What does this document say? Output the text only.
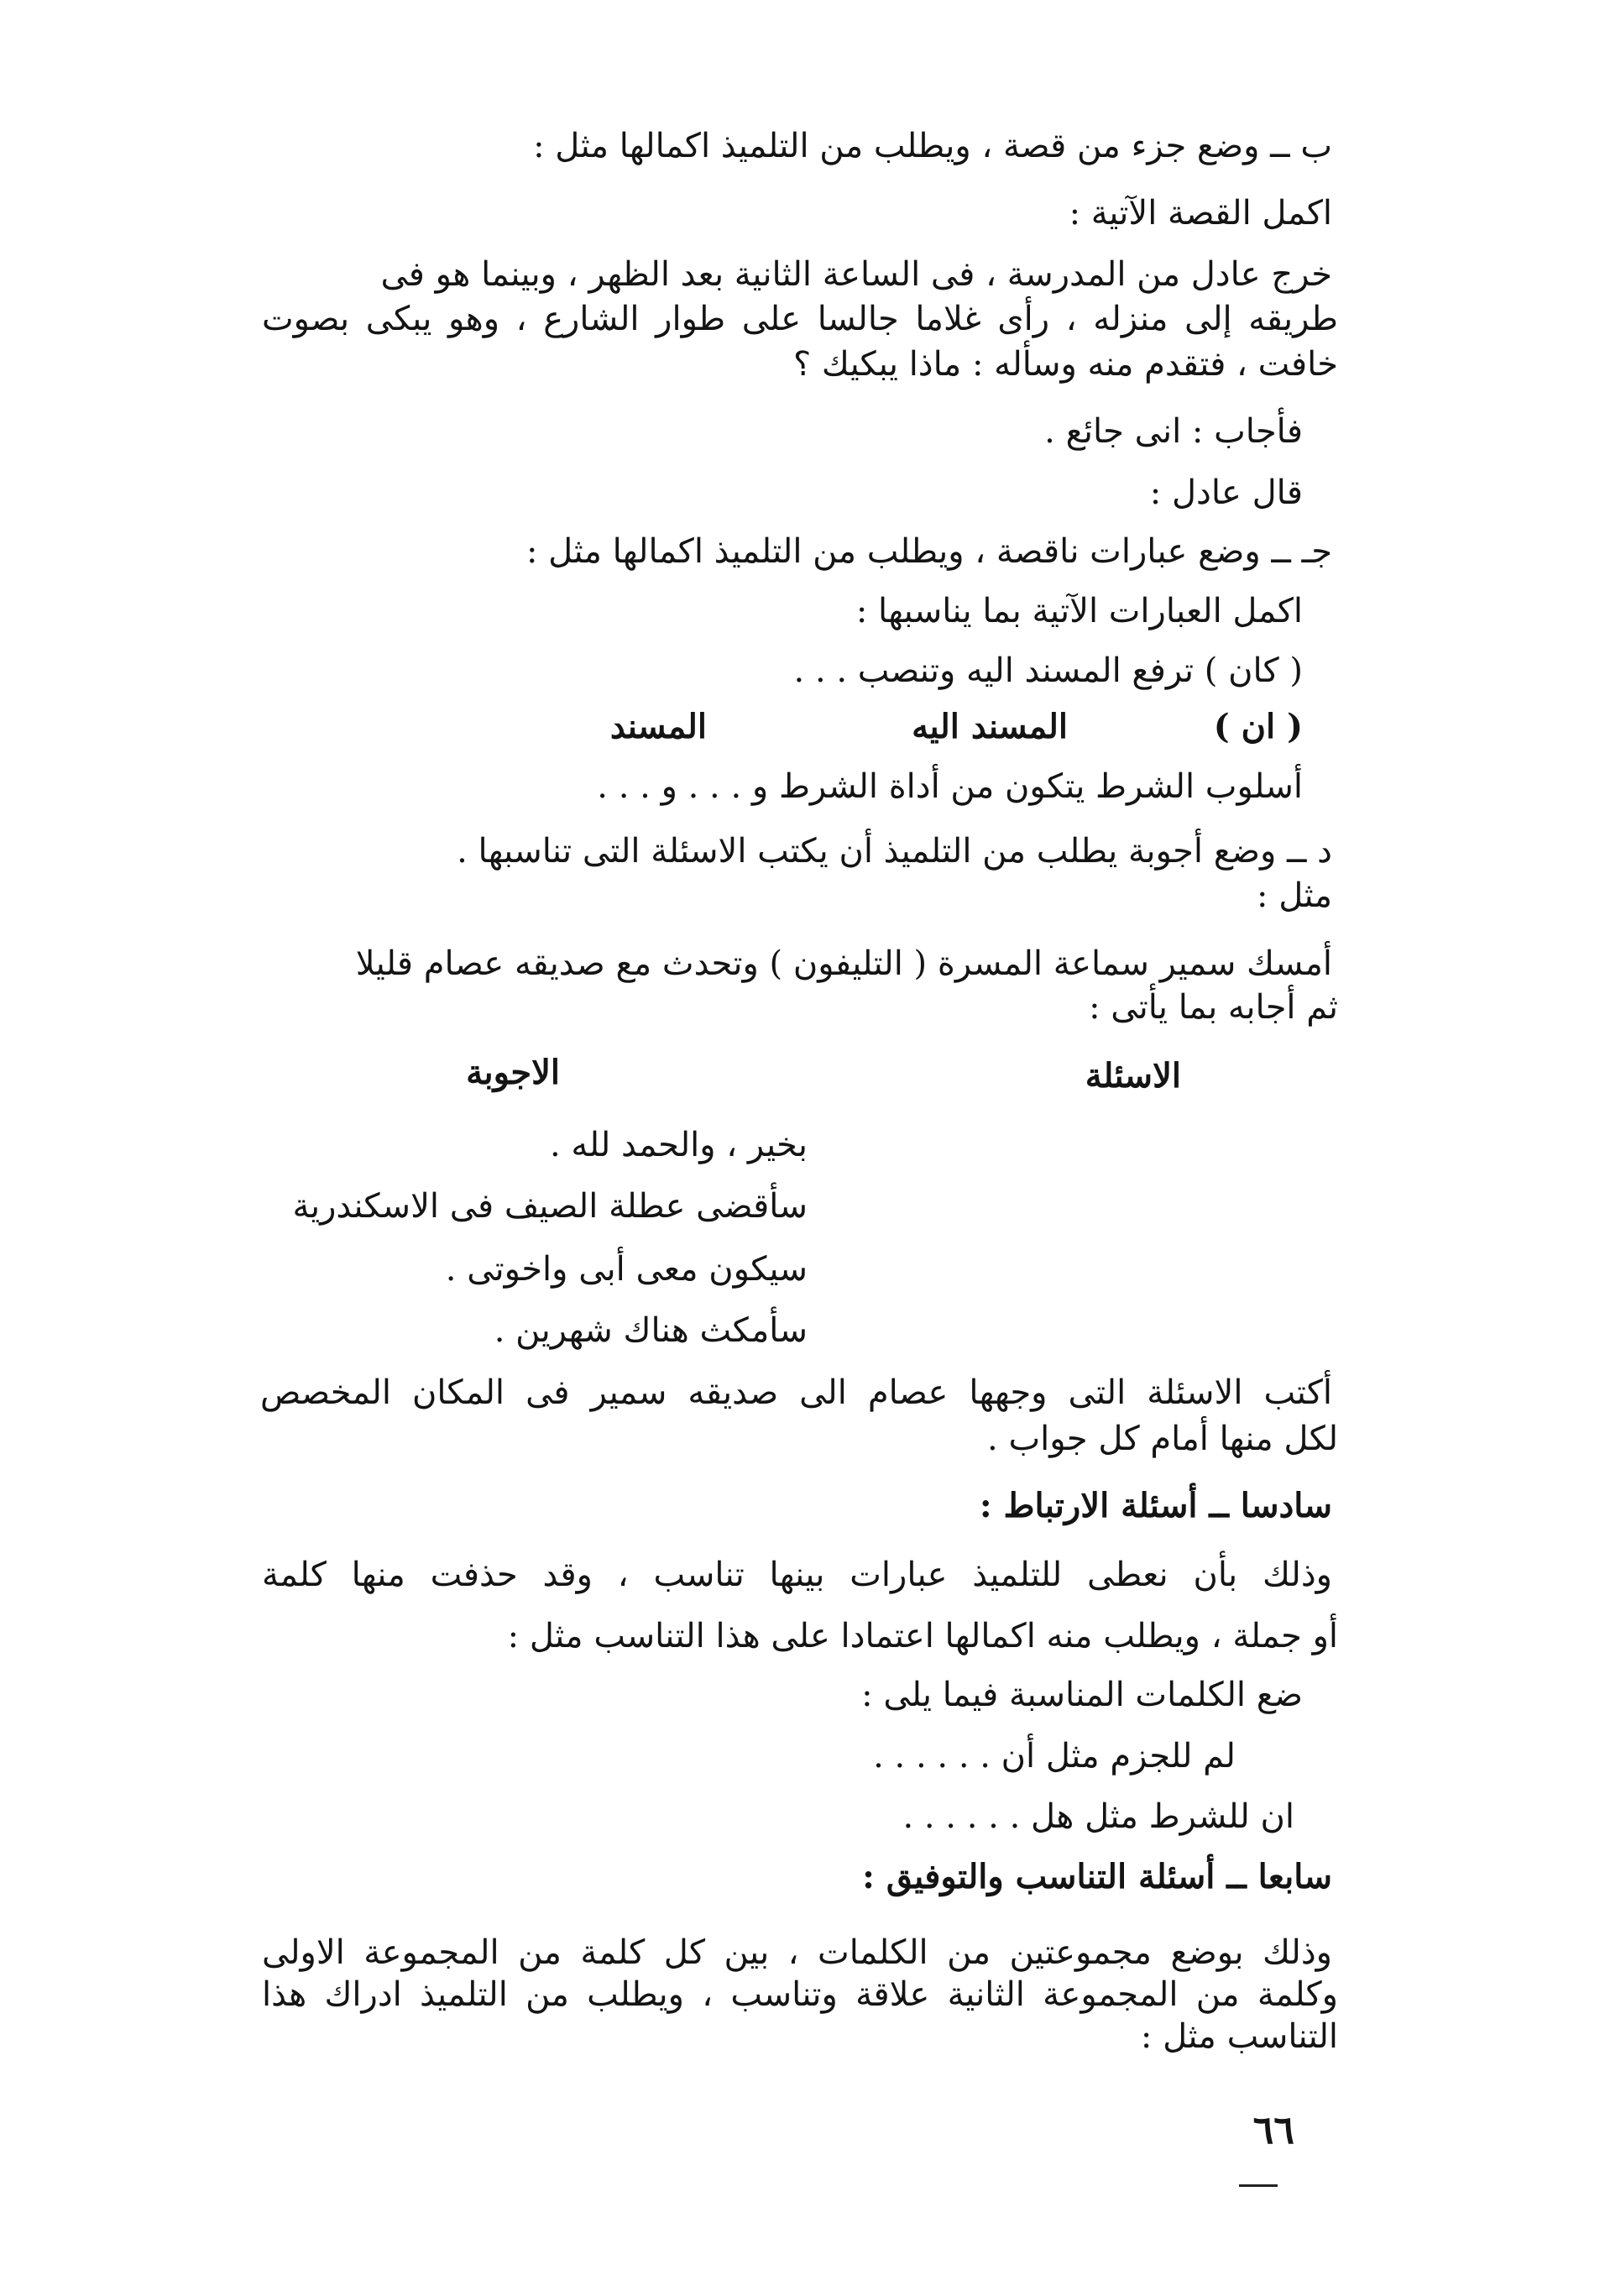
ب ــ وضع جزء من قصة ، ويطلب من التلميذ اكمالها مثل :
اكمل القصة الآتية :
خرج عادل من المدرسة ، فى الساعة الثانية بعد الظهر ، وبينما هو فى
طريقه إلى منزله ، رأى غلاما جالسا على طوار الشارع ، وهو يبكى بصوت
خافت ، فتقدم منه وسأله : ماذا يبكيك ؟
فأجاب : انى جائع .
قال عادل :
جـ ــ وضع عبارات ناقصة ، ويطلب من التلميذ اكمالها مثل :
اكمل العبارات الآتية بما يناسبها :
( كان ) ترفع المسند اليه وتنصب . . .
( ان )
المسند اليه
المسند
أسلوب الشرط يتكون من أداة الشرط و . . . و . . .
د ــ وضع أجوبة يطلب من التلميذ أن يكتب الاسئلة التى تناسبها .
مثل :
أمسك سمير سماعة المسرة ( التليفون ) وتحدث مع صديقه عصام قليلا
ثم أجابه بما يأتى :
الاسئلة
الاجوبة
بخير ، والحمد لله .
سأقضى عطلة الصيف فى الاسكندرية
سيكون معى أبى واخوتى .
سأمكث هناك شهرين .
أكتب الاسئلة التى وجهها عصام الى صديقه سمير فى المكان المخصص
لكل منها أمام كل جواب .
سادسا ــ أسئلة الارتباط :
وذلك بأن نعطى للتلميذ عبارات بينها تناسب ، وقد حذفت منها كلمة
أو جملة ، ويطلب منه اكمالها اعتمادا على هذا التناسب مثل :
ضع الكلمات المناسبة فيما يلى :
لم للجزم مثل أن . . . . . .
ان للشرط مثل هل . . . . . .
سابعا ــ أسئلة التناسب والتوفيق :
وذلك بوضع مجموعتين من الكلمات ، بين كل كلمة من المجموعة الاولى
وكلمة من المجموعة الثانية علاقة وتناسب ، ويطلب من التلميذ ادراك هذا
التناسب مثل :
٦٦
